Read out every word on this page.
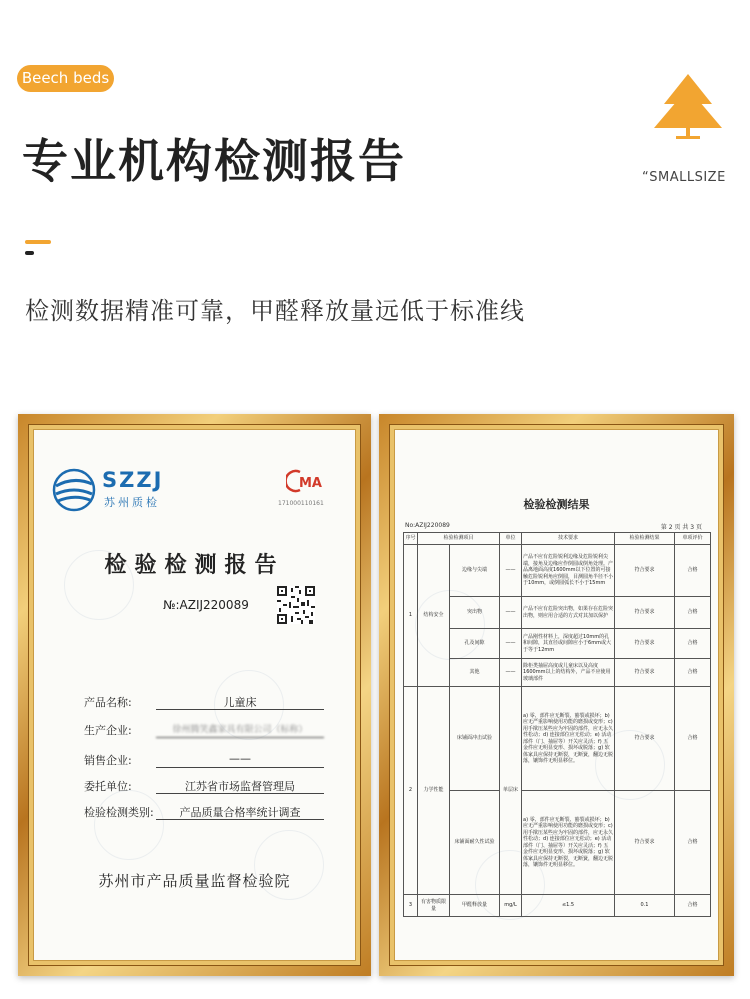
Beech beds
专业机构检测报告	“SMALLSIZE
检测数据精准可靠，甲醛释放量远低于标准线
SZZJ
苏州质检
MA
171000110161
检验检测报告
№:AZIJ220089
产品名称:	儿童床
生产企业:	徐州腾笑鑫家具有限公司（标称）
销售企业:	——
委托单位:	江苏省市场监督管理局
检验检测类别:	产品质量合格率统计调查
苏州市产品质量监督检验院
检验检测结果
No:AZIJ220089	第 2 页 共 3 页
序号	检验检测项目		单位	技术要求	检验检测结果	单项评价
1	结构安全	边缘与尖端	——	产品不应有危险锐利边缘及危险锐利尖端，接角及边缘应作倒圆或倒角处理。产品离地面高度1600mm以下位置的可接触危险锐利角应倒圆，目测圆角半径不小于10mm，或倒圆弧长不小于15mm	符合要求	合格
		突出物	——	产品不应有危险突出物，如果存在危险突出物，则应用合适的方式对其加以保护	符合要求	合格
		孔及间隙	——	产品刚性材料上，深度超过10mm的孔和间隙，其直径或间隙应小于6mm或大于等于12mm	符合要求	合格
		其他	——	除柜类抽屉高度或儿童床以及高度1600mm以上的结构外，产品不应使用玻璃部件	符合要求	合格
2	力学性能	床铺面冲击试验	单层床	a) 零、部件应无断裂、豁裂或损坏；b) 应无严重影响使用功能的磨损或变形；c) 用手揿压某些应为牢固的部件，应无永久性松动；d) 连接部位应无松动；e) 活动部件（门、抽屉等）开关应灵活；f) 五金件应无明显变形、损坏或脱落；g) 软体家具应保持无断裂，无断簧，翻边无脱落，镶饰件无明显移位。	符合要求	合格
		床铺面耐久性试验		a) 零、部件应无断裂、豁裂或损坏；b) 应无严重影响使用功能的磨损或变形；c) 用手揿压某些应为牢固的部件，应无永久性松动；d) 连接部位应无松动；e) 活动部件（门、抽屉等）开关应灵活；f) 五金件应无明显变形、损坏或脱落；g) 软体家具应保持无断裂，无断簧，翻边无脱落，镶饰件无明显移位。	符合要求	合格
3	有害物质限量	甲醛释放量	mg/L	≤1.5	0.1	合格
